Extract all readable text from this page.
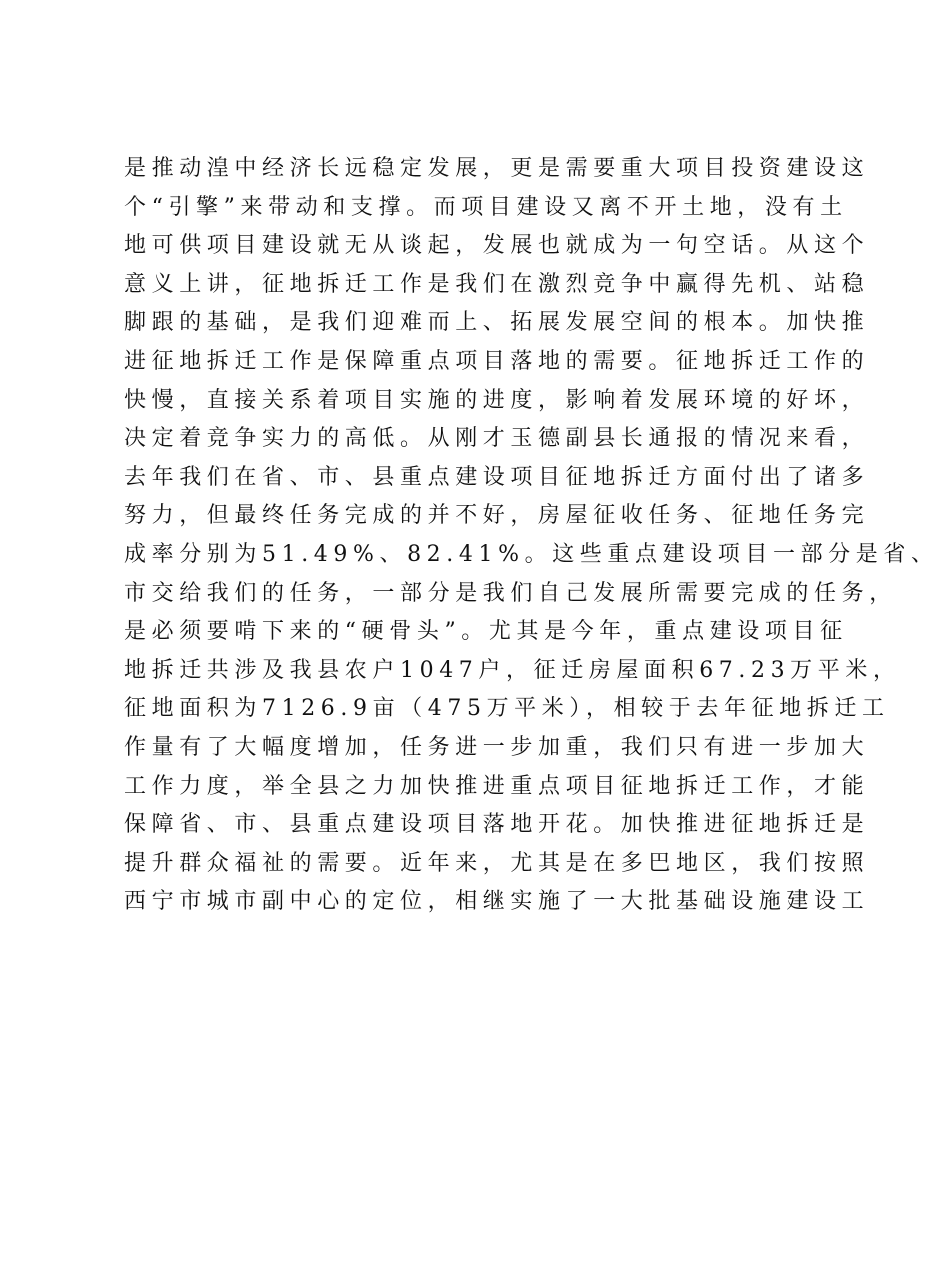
是推动湟中经济长远稳定发展，更是需要重大项目投资建设这
个“引擎”来带动和支撑。而项目建设又离不开土地，没有土
地可供项目建设就无从谈起，发展也就成为一句空话。从这个
意义上讲，征地拆迁工作是我们在激烈竞争中赢得先机、站稳
脚跟的基础，是我们迎难而上、拓展发展空间的根本。加快推
进征地拆迁工作是保障重点项目落地的需要。征地拆迁工作的
快慢，直接关系着项目实施的进度，影响着发展环境的好坏，
决定着竞争实力的高低。从刚才玉德副县长通报的情况来看，
去年我们在省、市、县重点建设项目征地拆迁方面付出了诸多
努力，但最终任务完成的并不好，房屋征收任务、征地任务完
成率分别为51.49%、82.41%。这些重点建设项目一部分是省、
市交给我们的任务，一部分是我们自己发展所需要完成的任务，
是必须要啃下来的“硬骨头”。尤其是今年，重点建设项目征
地拆迁共涉及我县农户1047户，征迁房屋面积67.23万平米，
征地面积为7126.9亩（475万平米），相较于去年征地拆迁工
作量有了大幅度增加，任务进一步加重，我们只有进一步加大
工作力度，举全县之力加快推进重点项目征地拆迁工作，才能
保障省、市、县重点建设项目落地开花。加快推进征地拆迁是
提升群众福祉的需要。近年来，尤其是在多巴地区，我们按照
西宁市城市副中心的定位，相继实施了一大批基础设施建设工
